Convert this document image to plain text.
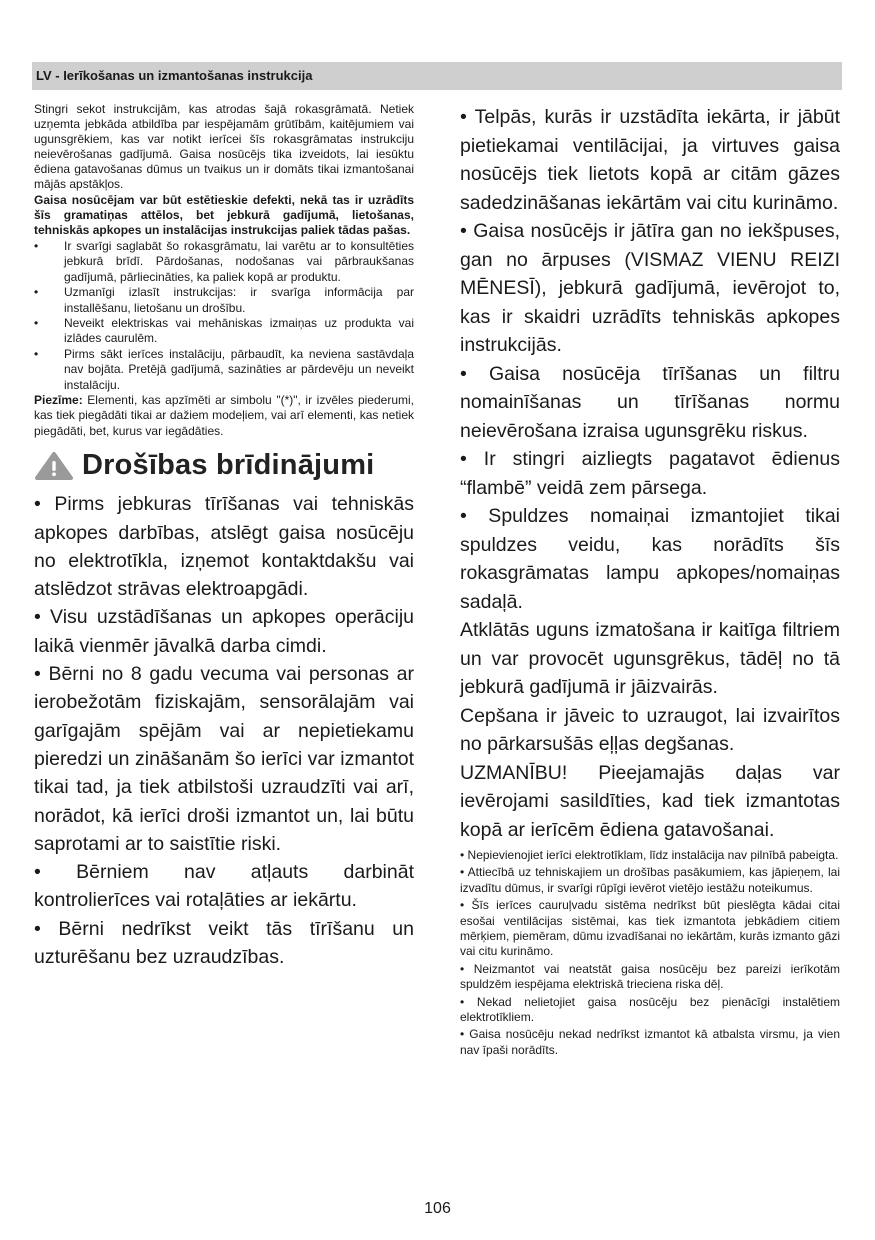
LV - Ierīkošanas un izmantošanas instrukcija

Stingri sekot instrukcijām, kas atrodas šajā rokasgrāmatā. Netiek uzņemta jebkāda atbildība par iespējamām grūtībām, kaitējumiem vai ugunsgrēkiem, kas var notikt ierīcei šīs rokasgrāmatas instrukciju neievērošanas gadījumā. Gaisa nosūcējs tika izveidots, lai iesūktu ēdiena gatavošanas dūmus un tvaikus un ir domāts tikai izmantošanai mājās apstākļos.

Gaisa nosūcējam var būt estētieskie defekti, nekā tas ir uzrādīts šīs gramatiņas attēlos, bet jebkurā gadījumā, lietošanas, tehniskās apkopes un instalācijas instrukcijas paliek tādas pašas.

• Ir svarīgi saglabāt šo rokasgrāmatu, lai varētu ar to konsultēties jebkurā brīdī. Pārdošanas, nodošanas vai pārbraukšanas gadījumā, pārliecināties, ka paliek kopā ar produktu.
• Uzmanīgi izlasīt instrukcijas: ir svarīga informācija par installēšanu, lietošanu un drošību.
• Neveikt elektriskas vai mehāniskas izmaiņas uz produkta vai izlādes caurulēm.
• Pirms sākt ierīces instalāciju, pārbaudīt, ka neviena sastāvdaļa nav bojāta. Pretējā gadījumā, sazināties ar pārdevēju un neveikt instalāciju.

Piezīme: Elementi, kas apzīmēti ar simbolu "(*)", ir izvēles piederumi, kas tiek piegādāti tikai ar dažiem modeļiem, vai arī elementi, kas netiek piegādāti, bet, kurus var iegādāties.

Drošības brīdinājumi

• Pirms jebkuras tīrīšanas vai tehniskās apkopes darbības, atslēgt gaisa nosūcēju no elektrotīkla, izņemot kontaktdakšu vai atslēdzot strāvas elektroapgādi.

• Visu uzstādīšanas un apkopes operāciju laikā vienmēr jāvalkā darba cimdi.

• Bērni no 8 gadu vecuma vai personas ar ierobežotām fiziskajām, sensorālajām vai garīgajām spējām vai ar nepietiekamu pieredzi un zināšanām šo ierīci var izmantot tikai tad, ja tiek atbilstoši uzraudzīti vai arī, norādot, kā ierīci droši izmantot un, lai būtu saprotami ar to saistītie riski.

• Bērniem nav atļauts darbināt kontrolierīces vai rotaļāties ar iekārtu.

• Bērni nedrīkst veikt tās tīrīšanu un uzturēšanu bez uzraudzības.

• Telpās, kurās ir uzstādīta iekārta, ir jābūt pietiekamai ventilācijai, ja virtuves gaisa nosūcējs tiek lietots kopā ar citām gāzes sadedzināšanas iekārtām vai citu kurināmo.

• Gaisa nosūcējs ir jātīra gan no iekšpuses, gan no ārpuses (VISMAZ VIENU REIZI MĒNESĪ), jebkurā gadījumā, ievērojot to, kas ir skaidri uzrādīts tehniskās apkopes instrukcijās.

• Gaisa nosūcēja tīrīšanas un filtru nomainīšanas un tīrīšanas normu neievērošana izraisa ugunsgrēku riskus.

• Ir stingri aizliegts pagatavot ēdienus “flambē” veidā zem pārsega.

• Spuldzes nomaiņai izmantojiet tikai spuldzes veidu, kas norādīts šīs rokasgrāmatas lampu apkopes/nomaiņas sadaļā.

Atklātās uguns izmatošana ir kaitīga filtriem un var provocēt ugunsgrēkus, tādēļ no tā jebkurā gadījumā ir jāizvairās.

Cepšana ir jāveic to uzraugot, lai izvairītos no pārkarsušās eļļas degšanas.

UZMANĪBU! Pieejamajās daļas var ievērojami sasildīties, kad tiek izmantotas kopā ar ierīcēm ēdiena gatavošanai.

• Nepievienojiet ierīci elektrotīklam, līdz instalācija nav pilnībā pabeigta.

• Attiecībā uz tehniskajiem un drošības pasākumiem, kas jāpieņem, lai izvadītu dūmus, ir svarīgi rūpīgi ievērot vietējo iestāžu noteikumus.

• Šīs ierīces cauruļvadu sistēma nedrīkst būt pieslēgta kādai citai esošai ventilācijas sistēmai, kas tiek izmantota jebkādiem citiem mērķiem, piemēram, dūmu izvadīšanai no iekārtām, kurās izmanto gāzi vai citu kurināmo.

• Neizmantot vai neatstāt gaisa nosūcēju bez pareizi ierīkotām spuldzēm iespējama elektriskā trieciena riska dēļ.

• Nekad nelietojiet gaisa nosūcēju bez pienācīgi instalētiem elektrotīkliem.

• Gaisa nosūcēju nekad nedrīkst izmantot kā atbalsta virsmu, ja vien nav īpaši norādīts.

106
